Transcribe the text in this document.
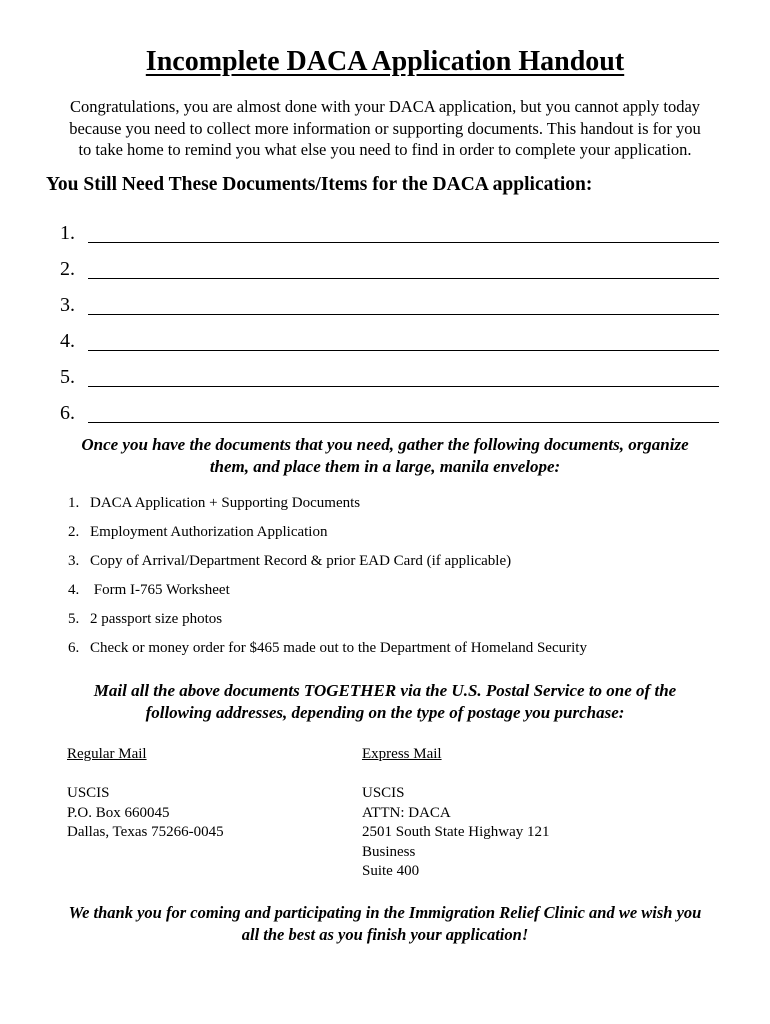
Incomplete DACA Application Handout

Congratulations, you are almost done with your DACA application, but you cannot apply today
because you need to collect more information or supporting documents. This handout is for you
to take home to remind you what else you need to find in order to complete your application.

You Still Need These Documents/Items for the DACA application:
1.
2.
3.
4.
5.
6.

Once you have the documents that you need, gather the following documents, organize
them, and place them in a large, manila envelope:

1. DACA Application + Supporting Documents
2. Employment Authorization Application
3. Copy of Arrival/Department Record & prior EAD Card (if applicable)
4. Form I-765 Worksheet
5. 2 passport size photos
6. Check or money order for $465 made out to the Department of Homeland Security

Mail all the above documents TOGETHER via the U.S. Postal Service to one of the
following addresses, depending on the type of postage you purchase:

Regular Mail
USCIS
P.O. Box 660045
Dallas, Texas 75266-0045
Express Mail
USCIS
ATTN: DACA
2501 South State Highway 121
Business
Suite 400

We thank you for coming and participating in the Immigration Relief Clinic and we wish you
all the best as you finish your application!
